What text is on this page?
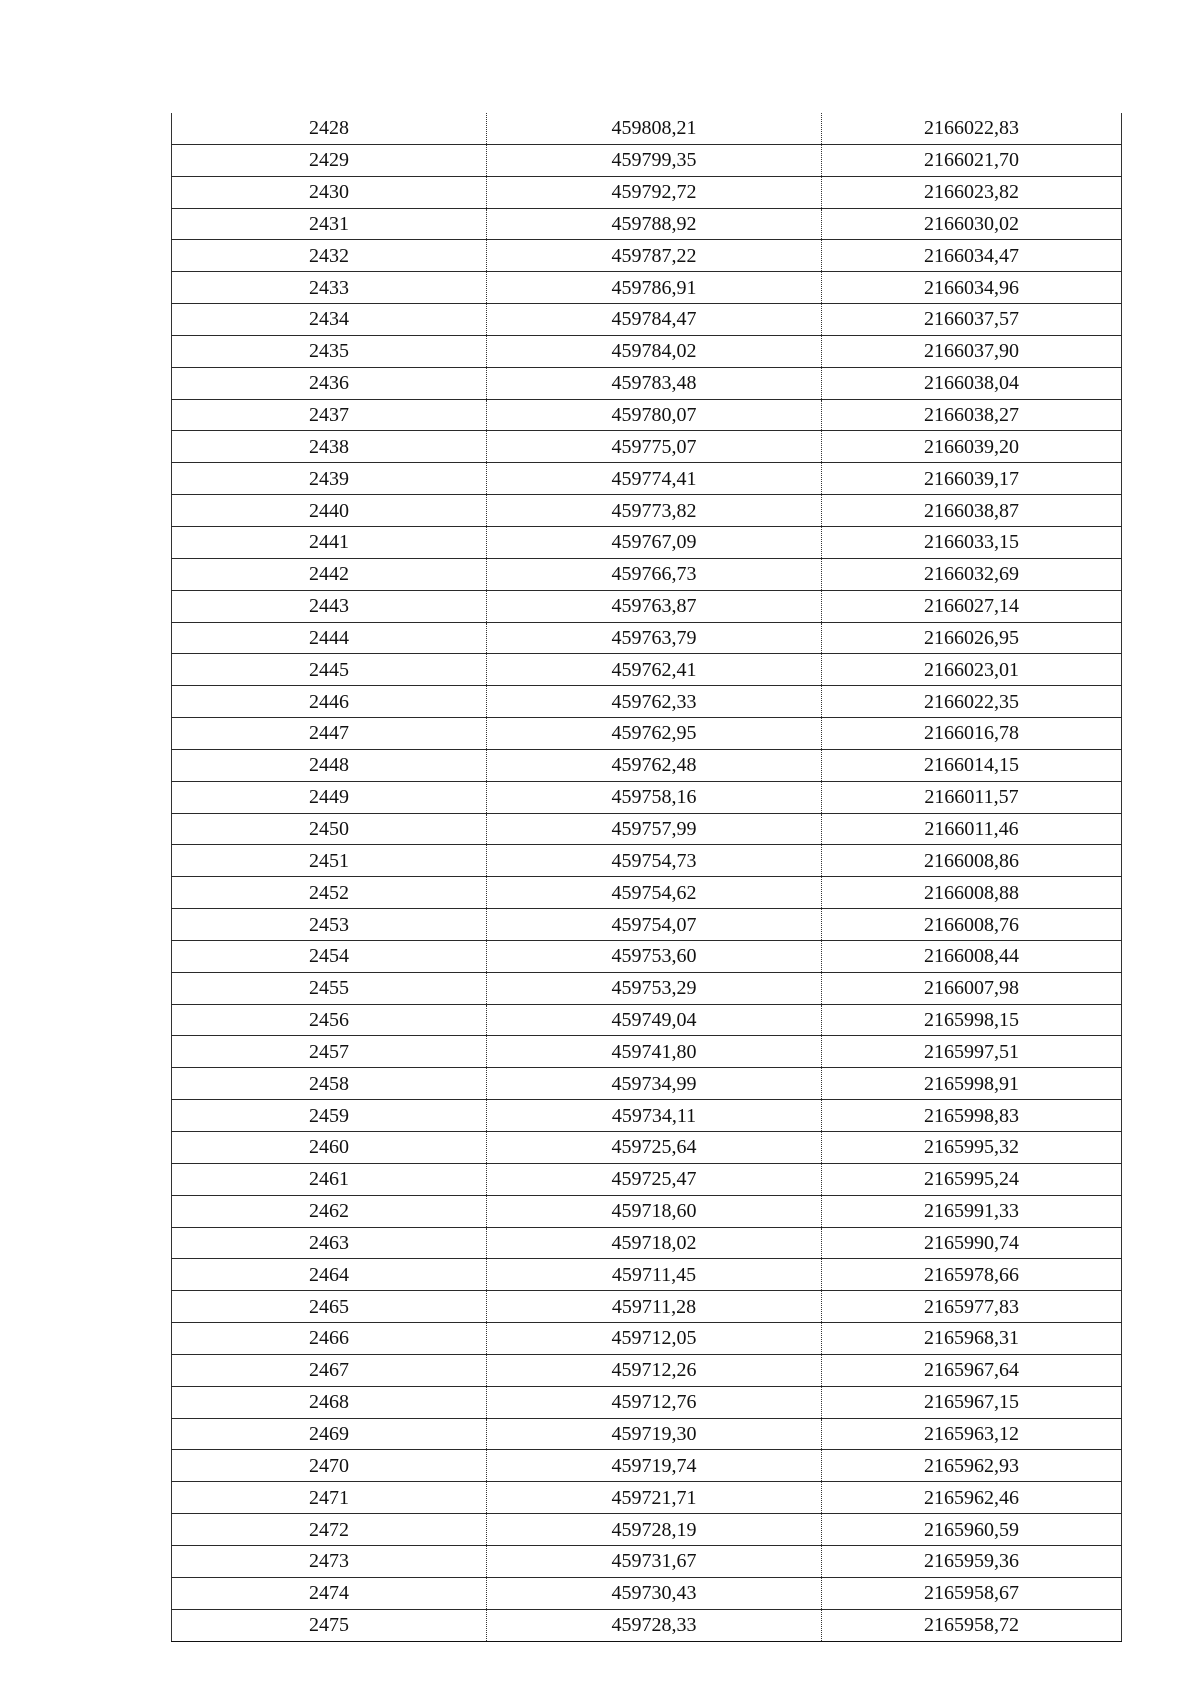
2428	459808,21	2166022,83
2429	459799,35	2166021,70
2430	459792,72	2166023,82
2431	459788,92	2166030,02
2432	459787,22	2166034,47
2433	459786,91	2166034,96
2434	459784,47	2166037,57
2435	459784,02	2166037,90
2436	459783,48	2166038,04
2437	459780,07	2166038,27
2438	459775,07	2166039,20
2439	459774,41	2166039,17
2440	459773,82	2166038,87
2441	459767,09	2166033,15
2442	459766,73	2166032,69
2443	459763,87	2166027,14
2444	459763,79	2166026,95
2445	459762,41	2166023,01
2446	459762,33	2166022,35
2447	459762,95	2166016,78
2448	459762,48	2166014,15
2449	459758,16	2166011,57
2450	459757,99	2166011,46
2451	459754,73	2166008,86
2452	459754,62	2166008,88
2453	459754,07	2166008,76
2454	459753,60	2166008,44
2455	459753,29	2166007,98
2456	459749,04	2165998,15
2457	459741,80	2165997,51
2458	459734,99	2165998,91
2459	459734,11	2165998,83
2460	459725,64	2165995,32
2461	459725,47	2165995,24
2462	459718,60	2165991,33
2463	459718,02	2165990,74
2464	459711,45	2165978,66
2465	459711,28	2165977,83
2466	459712,05	2165968,31
2467	459712,26	2165967,64
2468	459712,76	2165967,15
2469	459719,30	2165963,12
2470	459719,74	2165962,93
2471	459721,71	2165962,46
2472	459728,19	2165960,59
2473	459731,67	2165959,36
2474	459730,43	2165958,67
2475	459728,33	2165958,72
